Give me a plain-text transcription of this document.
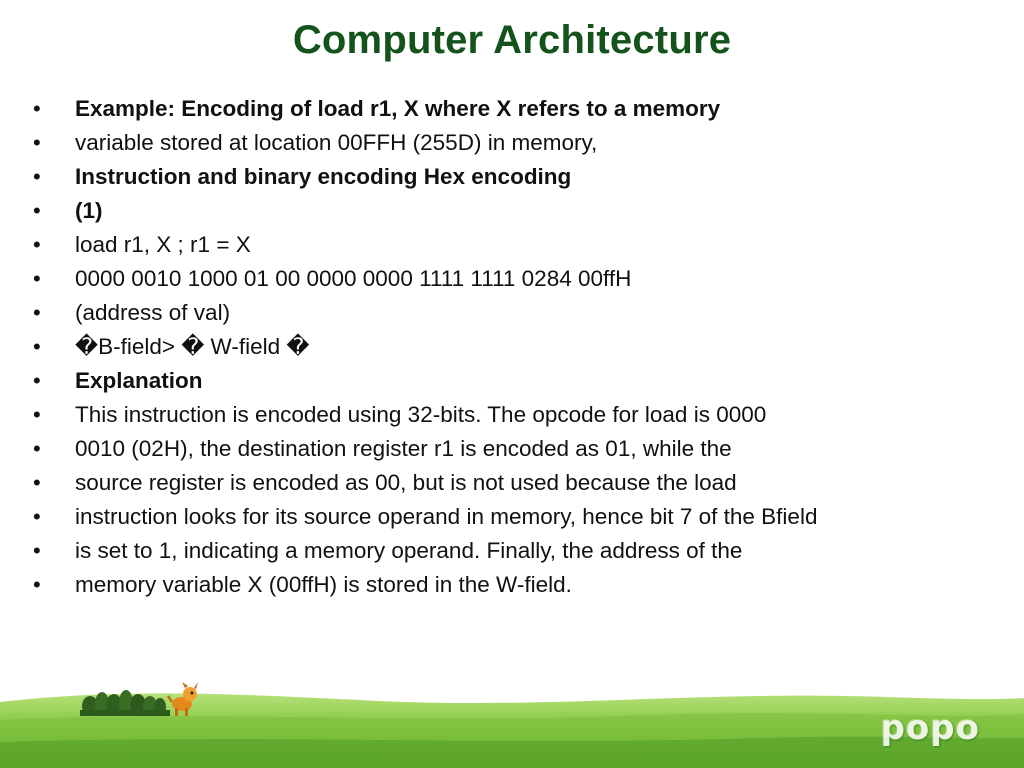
Computer Architecture
• Example: Encoding of load r1, X where X refers to a memory
• variable stored at location 00FFH (255D) in memory,
• Instruction and binary encoding Hex encoding
• (1)
• load r1, X ; r1 = X
• 0000 0010 1000 01 00 0000 0000 1111 1111 0284 00ffH
• (address of val)
• �B-field> � W-field �
• Explanation
• This instruction is encoded using 32-bits. The opcode for load is 0000
• 0010 (02H), the destination register r1 is encoded as 01, while the
• source register is encoded as 00, but is not used because the load
• instruction looks for its source operand in memory, hence bit 7 of the Bfield
• is set to 1, indicating a memory operand. Finally, the address of the
• memory variable X (00ffH) is stored in the W-field.
popo
